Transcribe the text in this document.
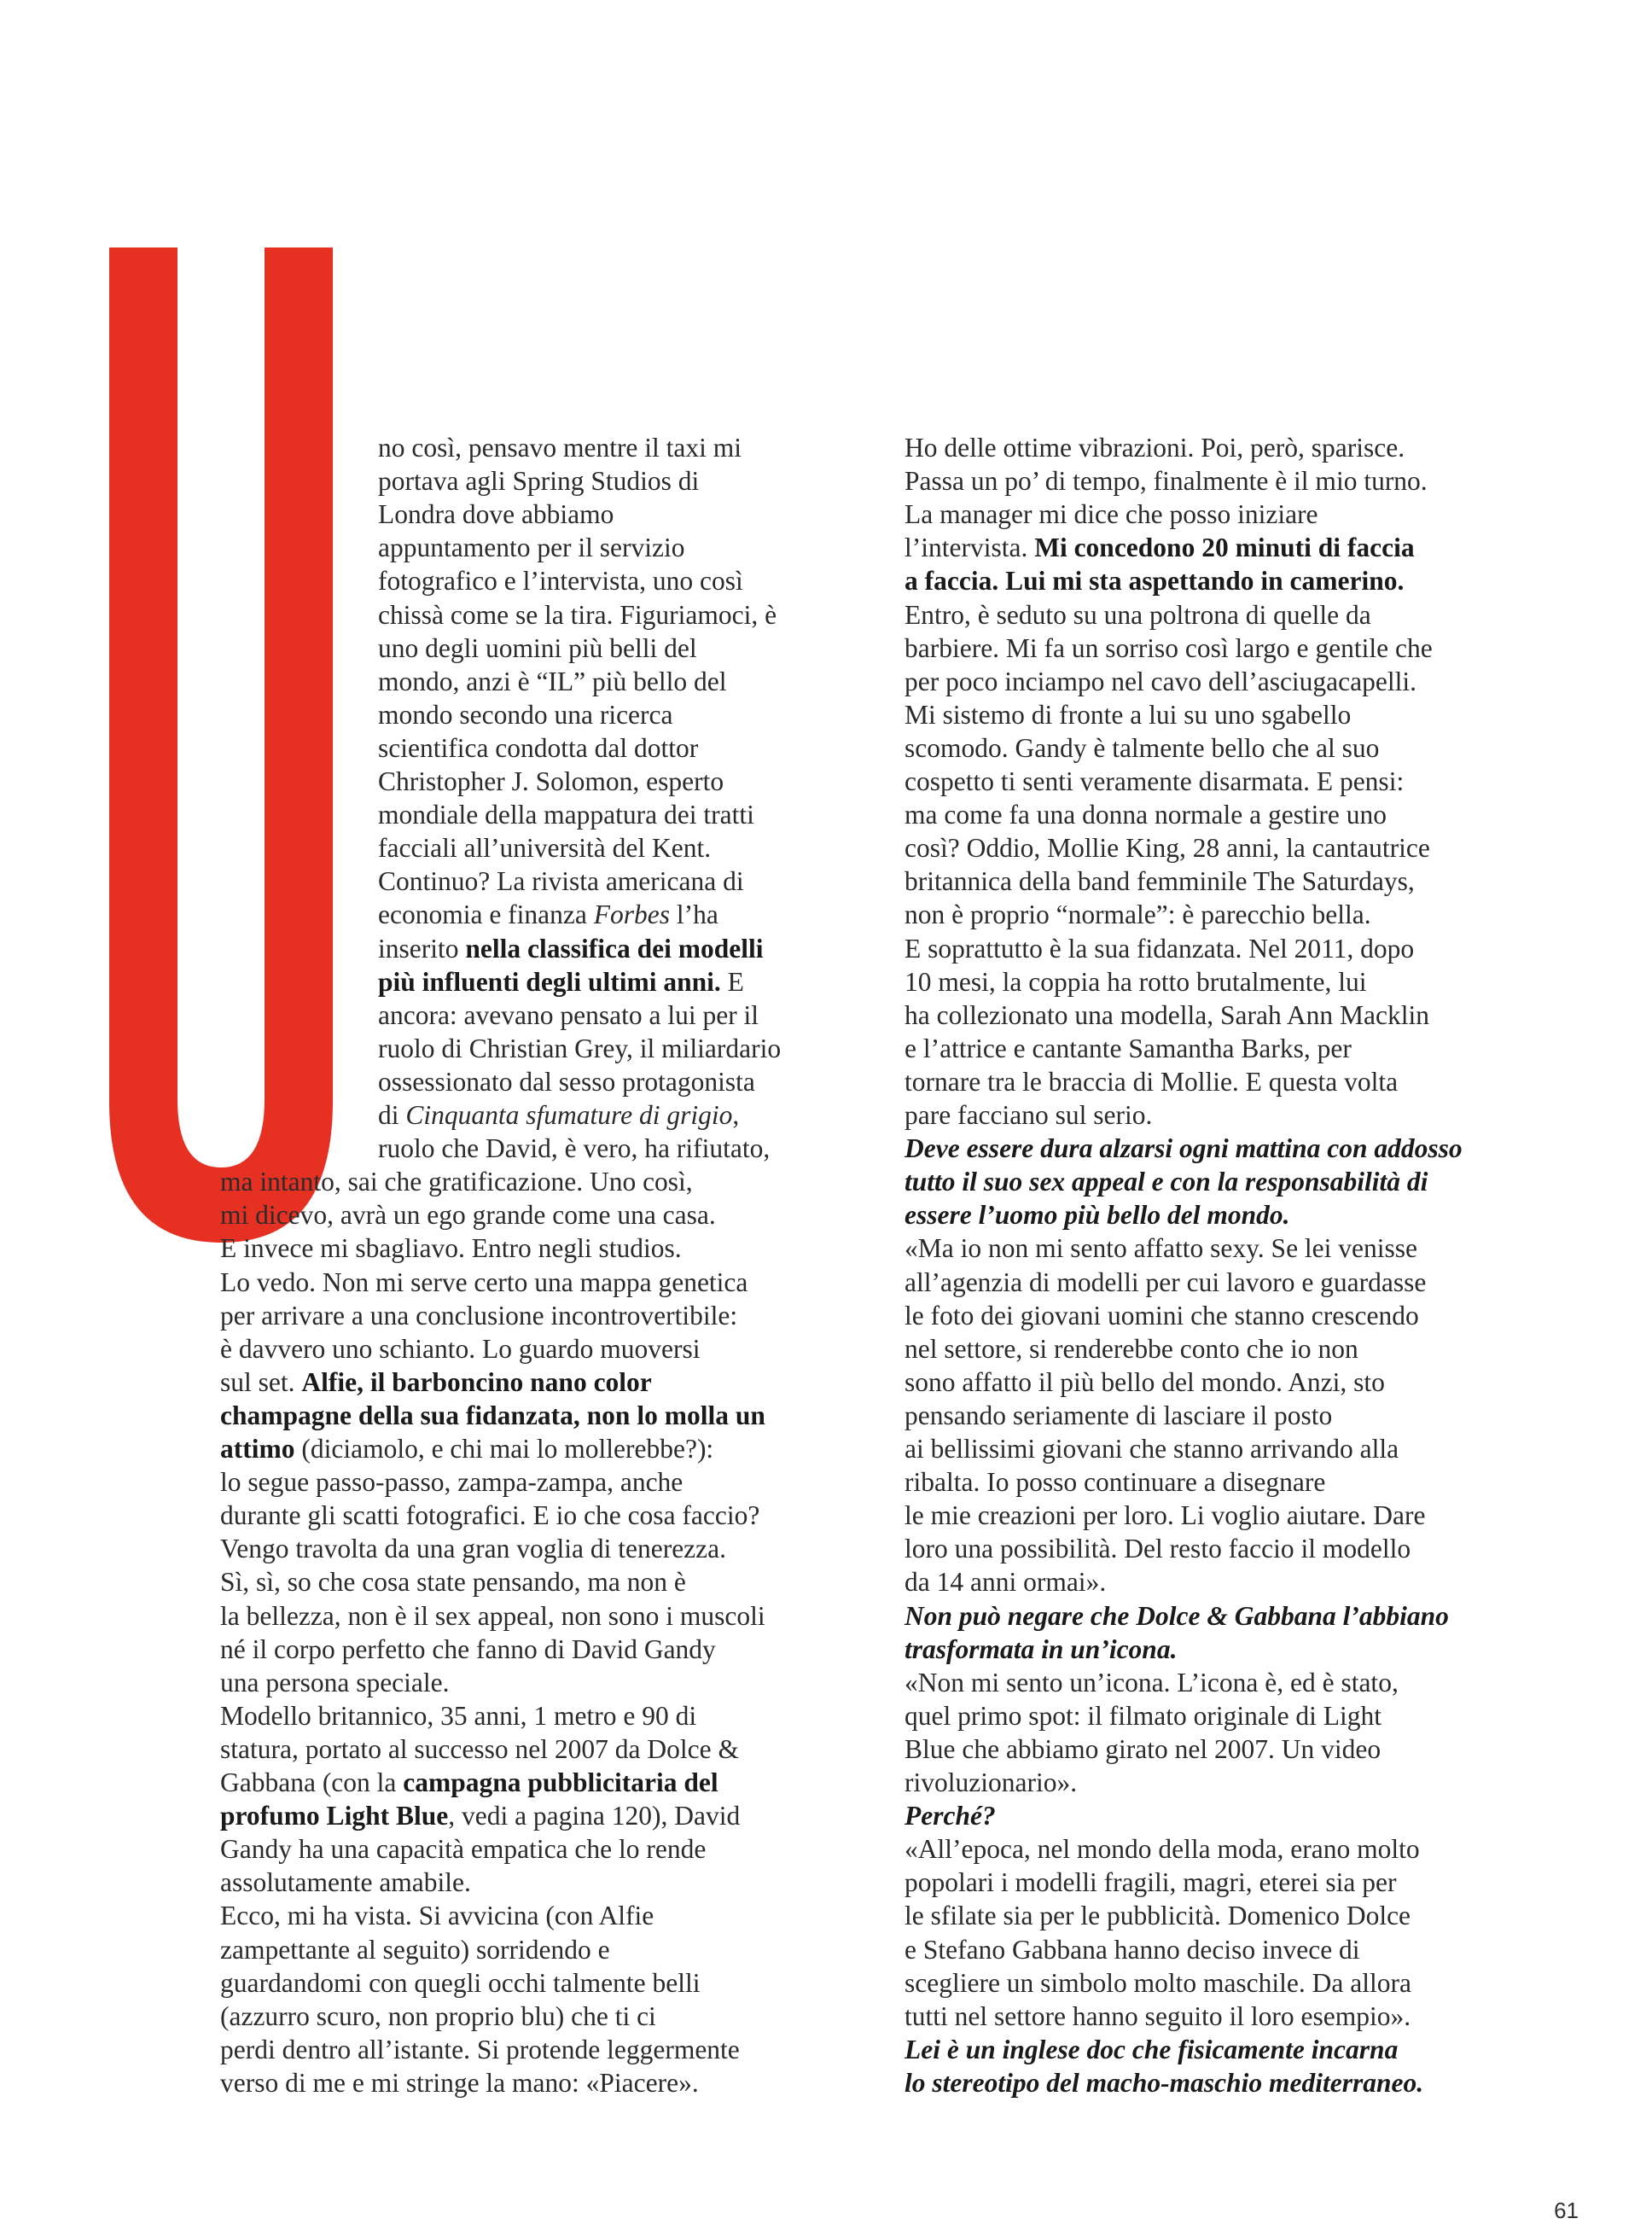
no così, pensavo mentre il taxi mi
portava agli Spring Studios di
Londra dove abbiamo
appuntamento per il servizio
fotografico e l’intervista, uno così
chissà come se la tira. Figuriamoci, è
uno degli uomini più belli del
mondo, anzi è “IL” più bello del
mondo secondo una ricerca
scientifica condotta dal dottor
Christopher J. Solomon, esperto
mondiale della mappatura dei tratti
facciali all’università del Kent.
Continuo? La rivista americana di
economia e finanza Forbes l’ha
inserito nella classifica dei modelli
più influenti degli ultimi anni. E
ancora: avevano pensato a lui per il
ruolo di Christian Grey, il miliardario
ossessionato dal sesso protagonista
di Cinquanta sfumature di grigio,
ruolo che David, è vero, ha rifiutato,
ma intanto, sai che gratificazione. Uno così,
mi dicevo, avrà un ego grande come una casa.
E invece mi sbagliavo. Entro negli studios.
Lo vedo. Non mi serve certo una mappa genetica
per arrivare a una conclusione incontrovertibile:
è davvero uno schianto. Lo guardo muoversi
sul set. Alfie, il barboncino nano color
champagne della sua fidanzata, non lo molla un
attimo (diciamolo, e chi mai lo mollerebbe?):
lo segue passo-passo, zampa-zampa, anche
durante gli scatti fotografici. E io che cosa faccio?
Vengo travolta da una gran voglia di tenerezza.
Sì, sì, so che cosa state pensando, ma non è
la bellezza, non è il sex appeal, non sono i muscoli
né il corpo perfetto che fanno di David Gandy
una persona speciale.
Modello britannico, 35 anni, 1 metro e 90 di
statura, portato al successo nel 2007 da Dolce &
Gabbana (con la campagna pubblicitaria del
profumo Light Blue, vedi a pagina 120), David
Gandy ha una capacità empatica che lo rende
assolutamente amabile.
Ecco, mi ha vista. Si avvicina (con Alfie
zampettante al seguito) sorridendo e
guardandomi con quegli occhi talmente belli
(azzurro scuro, non proprio blu) che ti ci
perdi dentro all’istante. Si protende leggermente
verso di me e mi stringe la mano: «Piacere».
Ho delle ottime vibrazioni. Poi, però, sparisce.
Passa un po’ di tempo, finalmente è il mio turno.
La manager mi dice che posso iniziare
l’intervista. Mi concedono 20 minuti di faccia
a faccia. Lui mi sta aspettando in camerino.
Entro, è seduto su una poltrona di quelle da
barbiere. Mi fa un sorriso così largo e gentile che
per poco inciampo nel cavo dell’asciugacapelli.
Mi sistemo di fronte a lui su uno sgabello
scomodo. Gandy è talmente bello che al suo
cospetto ti senti veramente disarmata. E pensi:
ma come fa una donna normale a gestire uno
così? Oddio, Mollie King, 28 anni, la cantautrice
britannica della band femminile The Saturdays,
non è proprio “normale”: è parecchio bella.
E soprattutto è la sua fidanzata. Nel 2011, dopo
10 mesi, la coppia ha rotto brutalmente, lui
ha collezionato una modella, Sarah Ann Macklin
e l’attrice e cantante Samantha Barks, per
tornare tra le braccia di Mollie. E questa volta
pare facciano sul serio.
Deve essere dura alzarsi ogni mattina con addosso
tutto il suo sex appeal e con la responsabilità di
essere l’uomo più bello del mondo.
«Ma io non mi sento affatto sexy. Se lei venisse
all’agenzia di modelli per cui lavoro e guardasse
le foto dei giovani uomini che stanno crescendo
nel settore, si renderebbe conto che io non
sono affatto il più bello del mondo. Anzi, sto
pensando seriamente di lasciare il posto
ai bellissimi giovani che stanno arrivando alla
ribalta. Io posso continuare a disegnare
le mie creazioni per loro. Li voglio aiutare. Dare
loro una possibilità. Del resto faccio il modello
da 14 anni ormai».
Non può negare che Dolce & Gabbana l’abbiano
trasformata in un’icona.
«Non mi sento un’icona. L’icona è, ed è stato,
quel primo spot: il filmato originale di Light
Blue che abbiamo girato nel 2007. Un video
rivoluzionario».
Perché?
«All’epoca, nel mondo della moda, erano molto
popolari i modelli fragili, magri, eterei sia per
le sfilate sia per le pubblicità. Domenico Dolce
e Stefano Gabbana hanno deciso invece di
scegliere un simbolo molto maschile. Da allora
tutti nel settore hanno seguito il loro esempio».
Lei è un inglese doc che fisicamente incarna
lo stereotipo del macho-maschio mediterraneo.
61
